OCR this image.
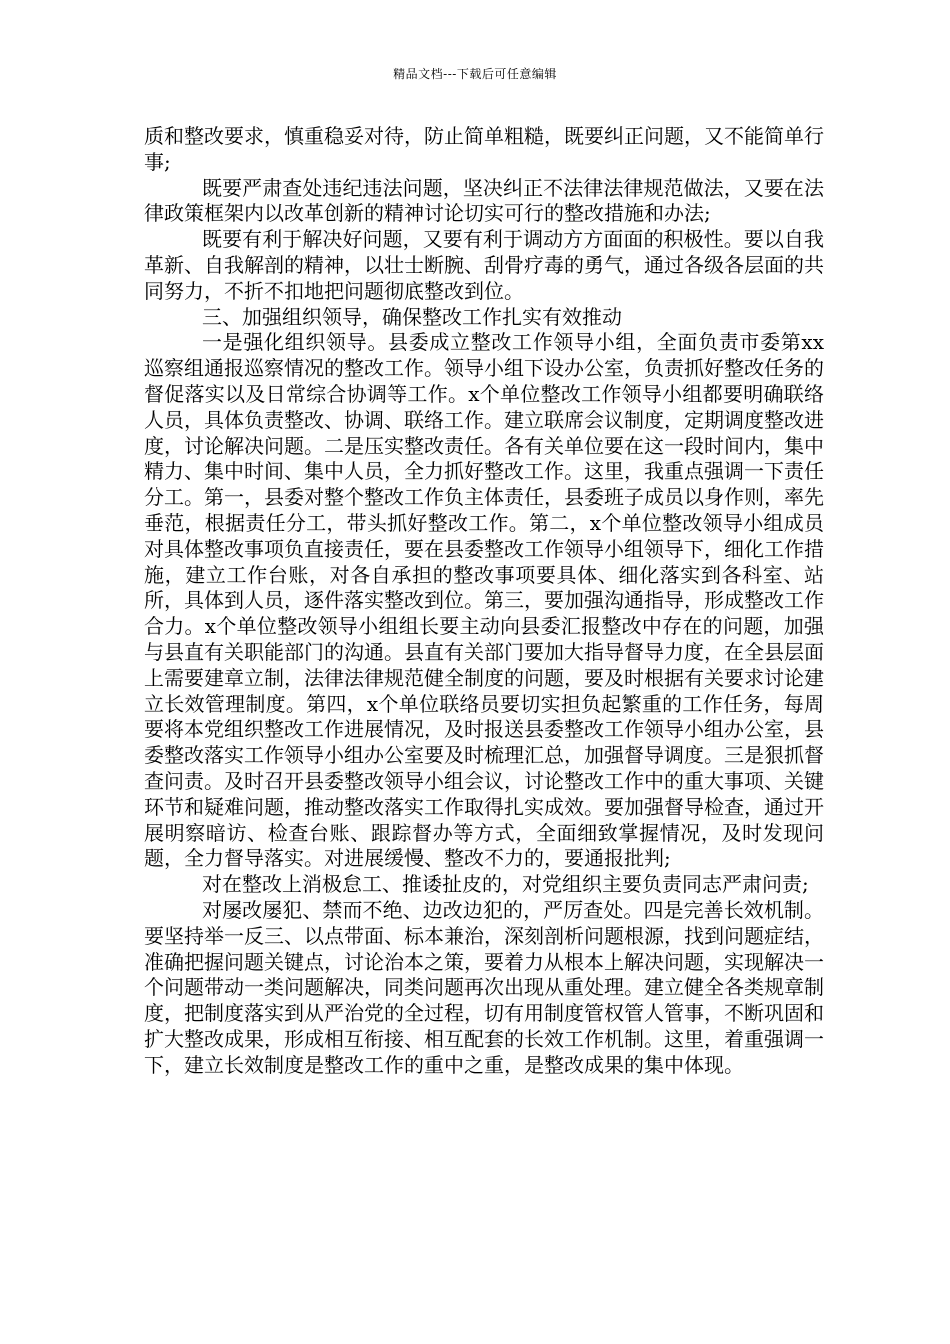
精品文档---下载后可任意编辑

质和整改要求，慎重稳妥对待，防止简单粗糙，既要纠正问题，又不能简单行事;

既要严肃查处违纪违法问题，坚决纠正不法律法律规范做法，又要在法律政策框架内以改革创新的精神讨论切实可行的整改措施和办法;

既要有利于解决好问题，又要有利于调动方方面面的积极性。要以自我革新、自我解剖的精神，以壮士断腕、刮骨疗毒的勇气，通过各级各层面的共同努力，不折不扣地把问题彻底整改到位。

三、加强组织领导，确保整改工作扎实有效推动

一是强化组织领导。县委成立整改工作领导小组，全面负责市委第xx巡察组通报巡察情况的整改工作。领导小组下设办公室，负责抓好整改任务的督促落实以及日常综合协调等工作。x个单位整改工作领导小组都要明确联络人员，具体负责整改、协调、联络工作。建立联席会议制度，定期调度整改进度，讨论解决问题。二是压实整改责任。各有关单位要在这一段时间内，集中精力、集中时间、集中人员，全力抓好整改工作。这里，我重点强调一下责任分工。第一，县委对整个整改工作负主体责任，县委班子成员以身作则，率先垂范，根据责任分工，带头抓好整改工作。第二，x个单位整改领导小组成员对具体整改事项负直接责任，要在县委整改工作领导小组领导下，细化工作措施，建立工作台账，对各自承担的整改事项要具体、细化落实到各科室、站所，具体到人员，逐件落实整改到位。第三，要加强沟通指导，形成整改工作合力。x个单位整改领导小组组长要主动向县委汇报整改中存在的问题，加强与县直有关职能部门的沟通。县直有关部门要加大指导督导力度，在全县层面上需要建章立制，法律法律规范健全制度的问题，要及时根据有关要求讨论建立长效管理制度。第四，x个单位联络员要切实担负起繁重的工作任务，每周要将本党组织整改工作进展情况，及时报送县委整改工作领导小组办公室，县委整改落实工作领导小组办公室要及时梳理汇总，加强督导调度。三是狠抓督查问责。及时召开县委整改领导小组会议，讨论整改工作中的重大事项、关键环节和疑难问题，推动整改落实工作取得扎实成效。要加强督导检查，通过开展明察暗访、检查台账、跟踪督办等方式，全面细致掌握情况，及时发现问题，全力督导落实。对进展缓慢、整改不力的，要通报批判;

对在整改上消极怠工、推诿扯皮的，对党组织主要负责同志严肃问责;

对屡改屡犯、禁而不绝、边改边犯的，严厉查处。四是完善长效机制。要坚持举一反三、以点带面、标本兼治，深刻剖析问题根源，找到问题症结，准确把握问题关键点，讨论治本之策，要着力从根本上解决问题，实现解决一个问题带动一类问题解决，同类问题再次出现从重处理。建立健全各类规章制度，把制度落实到从严治党的全过程，切有用制度管权管人管事，不断巩固和扩大整改成果，形成相互衔接、相互配套的长效工作机制。这里，着重强调一下，建立长效制度是整改工作的重中之重，是整改成果的集中体现。
